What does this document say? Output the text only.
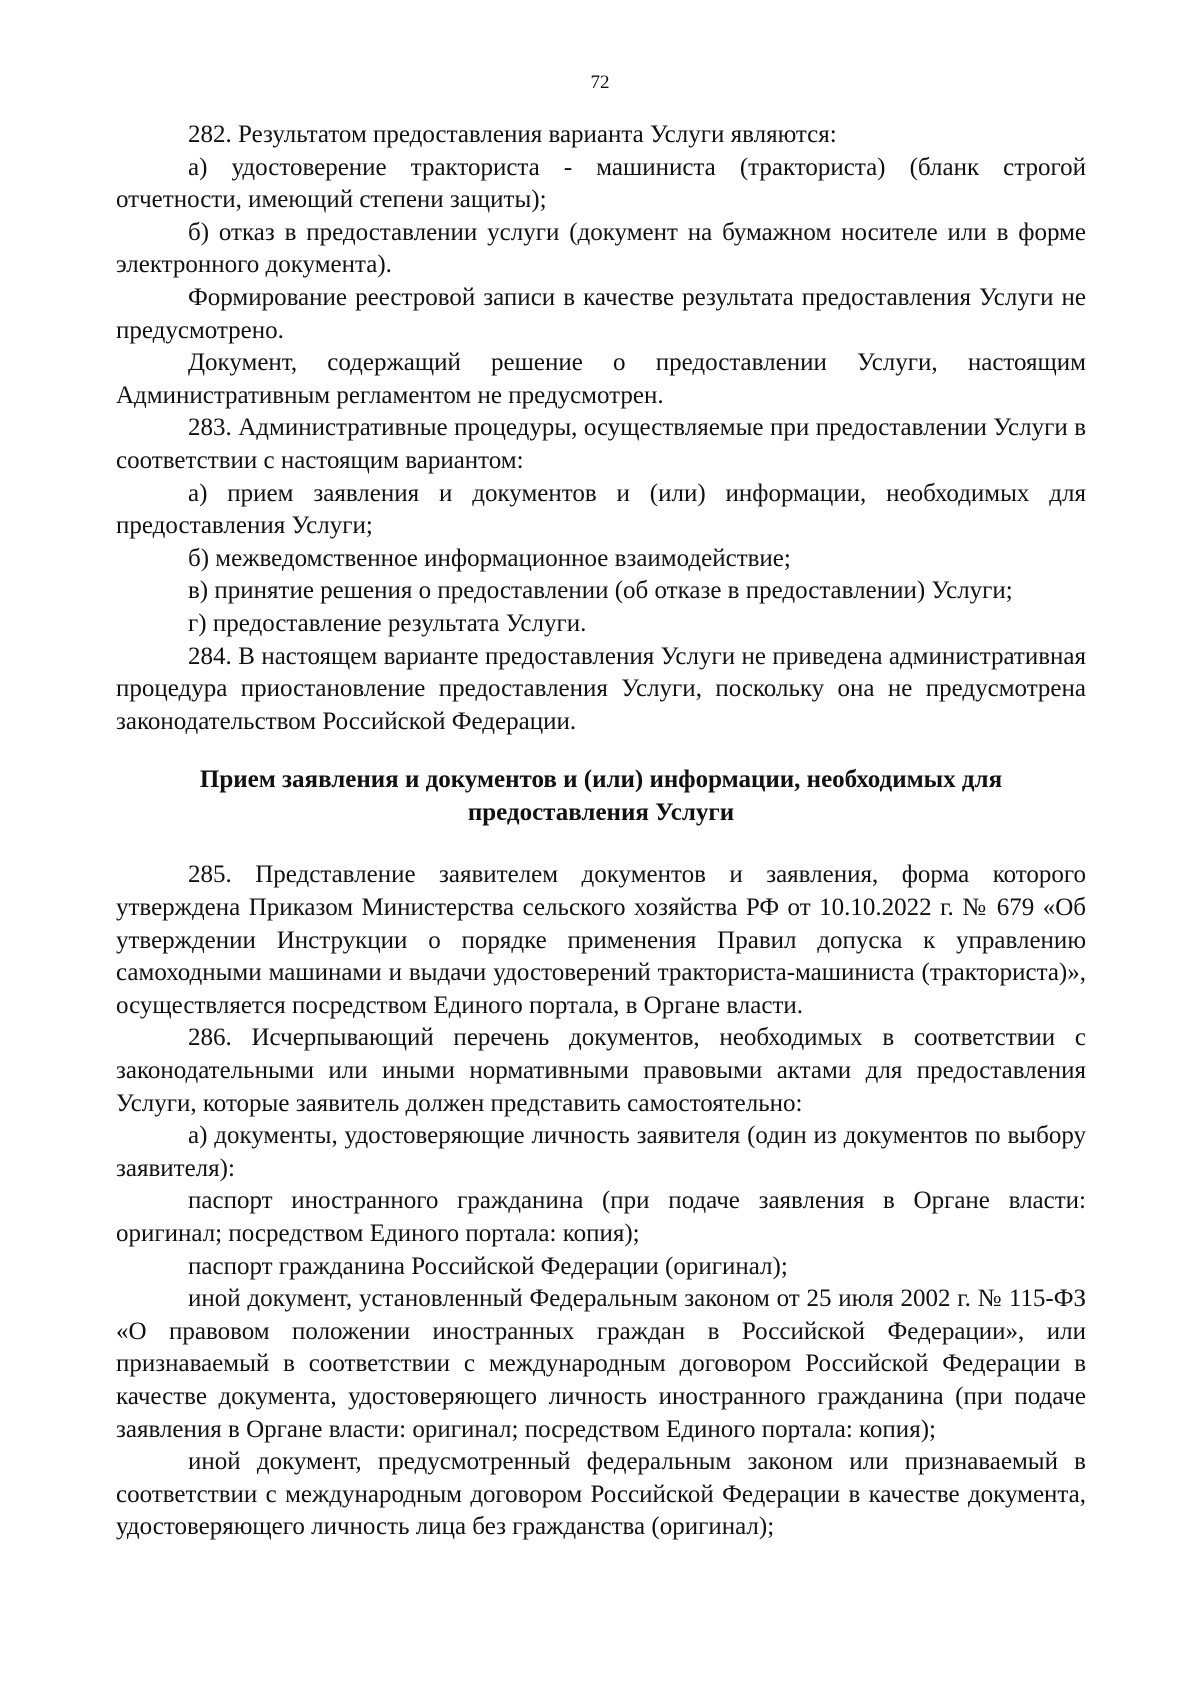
72

282. Результатом предоставления варианта Услуги являются:

а) удостоверение тракториста - машиниста (тракториста) (бланк строгой отчетности, имеющий степени защиты);

б) отказ в предоставлении услуги (документ на бумажном носителе или в форме электронного документа).

Формирование реестровой записи в качестве результата предоставления Услуги не предусмотрено.

Документ, содержащий решение о предоставлении Услуги, настоящим Административным регламентом не предусмотрен.

283. Административные процедуры, осуществляемые при предоставлении Услуги в соответствии с настоящим вариантом:

а) прием заявления и документов и (или) информации, необходимых для предоставления Услуги;

б) межведомственное информационное взаимодействие;

в) принятие решения о предоставлении (об отказе в предоставлении) Услуги;

г) предоставление результата Услуги.

284. В настоящем варианте предоставления Услуги не приведена административная процедура приостановление предоставления Услуги, поскольку она не предусмотрена законодательством Российской Федерации.

Прием заявления и документов и (или) информации, необходимых для предоставления Услуги

285. Представление заявителем документов и заявления, форма которого утверждена Приказом Министерства сельского хозяйства РФ от 10.10.2022 г. № 679 «Об утверждении Инструкции о порядке применения Правил допуска к управлению самоходными машинами и выдачи удостоверений тракториста-машиниста (тракториста)», осуществляется посредством Единого портала, в Органе власти.

286. Исчерпывающий перечень документов, необходимых в соответствии с законодательными или иными нормативными правовыми актами для предоставления Услуги, которые заявитель должен представить самостоятельно:

а) документы, удостоверяющие личность заявителя (один из документов по выбору заявителя):

паспорт иностранного гражданина (при подаче заявления в Органе власти: оригинал; посредством Единого портала: копия);

паспорт гражданина Российской Федерации (оригинал);

иной документ, установленный Федеральным законом от 25 июля 2002 г. № 115-ФЗ «О правовом положении иностранных граждан в Российской Федерации», или признаваемый в соответствии с международным договором Российской Федерации в качестве документа, удостоверяющего личность иностранного гражданина (при подаче заявления в Органе власти: оригинал; посредством Единого портала: копия);

иной документ, предусмотренный федеральным законом или признаваемый в соответствии с международным договором Российской Федерации в качестве документа, удостоверяющего личность лица без гражданства (оригинал);
